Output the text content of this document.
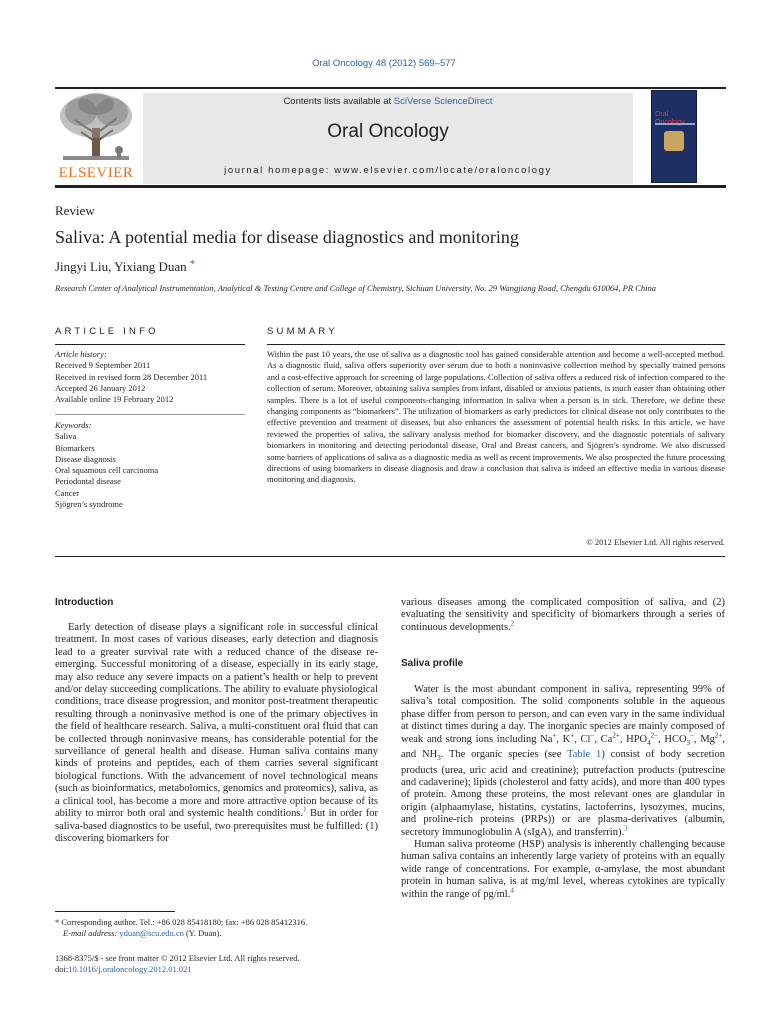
Oral Oncology 48 (2012) 569–577
ELSEVIER
Contents lists available at SciVerse ScienceDirect
Oral Oncology
journal homepage: www.elsevier.com/locate/oraloncology
Oral
Review
Saliva: A potential media for disease diagnostics and monitoring
Jingyi Liu, Yixiang Duan *
Research Center of Analytical Instrumentation, Analytical & Testing Centre and College of Chemistry, Sichuan University, No. 29 Wangjiang Road, Chengdu 610064, PR China
ARTICLE INFO	SUMMARY
Article history:
Received 9 September 2011
Received in revised form 28 December 2011
Accepted 26 January 2012
Available online 19 February 2012
Keywords:
Saliva
Biomarkers
Disease diagnosis
Oral squamous cell carcinoma
Periodontal disease
Cancer
Sjögren’s syndrome
Within the past 10 years, the use of saliva as a diagnostic tool has gained considerable attention and become a well-accepted method. As a diagnostic fluid, saliva offers superiority over serum due to both a noninvasive collection method by specially trained persons and a cost-effective approach for screening of large populations. Collection of saliva offers a reduced risk of infection compared to the collection of serum. Moreover, obtaining saliva samples from infant, disabled or anxious patients, is much easier than obtaining other samples. There is a lot of useful components-changing information in saliva when a person is in sick. Therefore, we define these changing components as “biomarkers”. The utilization of biomarkers as early predictors for clinical disease not only contributes to the effective prevention and treatment of diseases, but also enhances the assessment of potential health risks. In this article, we have reviewed the properties of saliva, the salivary analysis method for biomarker discovery, and the diagnostic potentials of salivary biomarkers in monitoring and detecting periodontal disease, Oral and Breast cancers, and Sjögren’s syndrome. We also discussed some barriers of applications of saliva as a diagnostic media as well as recent improvements. We also prospected the future processing directions of using biomarkers in disease diagnosis and draw a conclusion that saliva is indeed an effective media in various disease monitoring and diagnosis.
© 2012 Elsevier Ltd. All rights reserved.
Introduction

Early detection of disease plays a significant role in successful clinical treatment. In most cases of various diseases, early detection and diagnosis lead to a greater survival rate with a reduced chance of the disease re-emerging. Successful monitoring of a disease, especially in its early stage, may also reduce any severe impacts on a patient’s health or help to prevent and/or delay succeeding complications. The ability to evaluate physiological conditions, trace disease progression, and monitor post-treatment therapeutic resulting through a noninvasive method is one of the primary objectives in the field of healthcare research. Saliva, a multi-constituent oral fluid that can be collected through noninvasive means, has considerable potential for the surveillance of general health and disease. Human saliva contains many kinds of proteins and peptides, each of them carries several significant biological functions. With the advancement of novel technological means (such as bioinformatics, metabolomics, genomics and proteomics), saliva, as a clinical tool, has become a more and more attractive option because of its ability to mirror both oral and systemic health conditions.$^1$ But in order for saliva-based diagnostics to be useful, two prerequisites must be fulfilled: (1) discovering biomarkers for

various diseases among the complicated composition of saliva, and (2) evaluating the sensitivity and specificity of biomarkers through a series of continuous developments.$^2$

Saliva profile

Water is the most abundant component in saliva, representing 99% of saliva’s total composition. The solid components soluble in the aqueous phase differ from person to person, and can even vary in the same individual at distinct times during a day. The inorganic species are mainly composed of weak and strong ions including Na+, K+, Cl−, $Ca^{2+}$, $HPO_4^{2-}$, $HCO_3^-$, $Mg^{2+}$, and $NH_3$. The organic species (see Table 1) consist of body secretion products (urea, uric acid and creatinine); putrefaction products (putrescine and cadaverine); lipids (cholesterol and fatty acids), and more than 400 types of protein. Among these proteins, the most relevant ones are glandular in origin (alphaamylase, histatins, cystatins, lactoferrins, lysozymes, mucins, and proline-rich proteins (PRPs)) or are plasma-derivatives (albumin, secretory immunoglobulin A (sIgA), and transferrin).$^3$

Human saliva proteome (HSP) analysis is inherently challenging because human saliva contains an inherently large variety of proteins with an equally wide range of concentrations. For example, α-amylase, the most abundant protein in human saliva, is at mg/ml level, whereas cytokines are typically within the range of pg/ml.$^4$

* Corresponding author. Tel.: +86 028 85418180; fax: +86 028 85412316.
E-mail address: yduan@scu.edu.cn (Y. Duan).
1368-8375/$ - see front matter © 2012 Elsevier Ltd. All rights reserved.
doi:10.1016/j.oraloncology.2012.01.021
